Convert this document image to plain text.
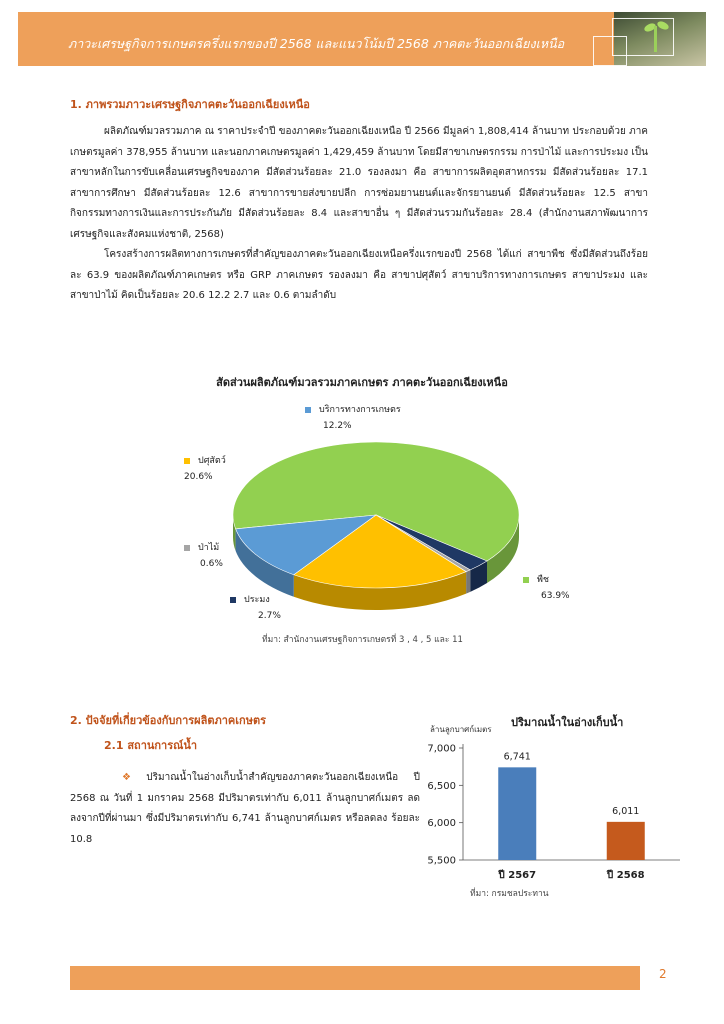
ภาวะเศรษฐกิจการเกษตรครึ่งแรกของปี 2568 และแนวโน้มปี 2568 ภาคตะวันออกเฉียงเหนือ
1. ภาพรวมภาวะเศรษฐกิจภาคตะวันออกเฉียงเหนือ

ผลิตภัณฑ์มวลรวมภาค ณ ราคาประจำปี ของภาคตะวันออกเฉียงเหนือ ปี 2566 มีมูลค่า 1,808,414 ล้านบาท ประกอบด้วย ภาคเกษตรมูลค่า 378,955 ล้านบาท และนอกภาคเกษตรมูลค่า 1,429,459 ล้านบาท โดยมีสาขาเกษตรกรรม การป่าไม้ และการประมง เป็นสาขาหลักในการขับเคลื่อนเศรษฐกิจของภาค มีสัดส่วนร้อยละ 21.0 รองลงมา คือ สาขาการผลิตอุตสาหกรรม มีสัดส่วนร้อยละ 17.1 สาขาการศึกษา มีสัดส่วนร้อยละ 12.6 สาขาการขายส่งขายปลีก การซ่อมยานยนต์และจักรยานยนต์ มีสัดส่วนร้อยละ 12.5 สาขากิจกรรมทางการเงินและการประกันภัย มีสัดส่วนร้อยละ 8.4 และสาขาอื่น ๆ มีสัดส่วนรวมกันร้อยละ 28.4 (สำนักงานสภาพัฒนาการเศรษฐกิจและสังคมแห่งชาติ, 2568)

โครงสร้างการผลิตทางการเกษตรที่สำคัญของภาคตะวันออกเฉียงเหนือครึ่งแรกของปี 2568 ได้แก่ สาขาพืช ซึ่งมีสัดส่วนถึงร้อยละ 63.9 ของผลิตภัณฑ์ภาคเกษตร หรือ GRP ภาคเกษตร รองลงมา คือ สาขาปศุสัตว์ สาขาบริการทางการเกษตร สาขาประมง และสาขาป่าไม้ คิดเป็นร้อยละ 20.6 12.2 2.7 และ 0.6 ตามลำดับ

สัดส่วนผลิตภัณฑ์มวลรวมภาคเกษตร ภาคตะวันออกเฉียงเหนือ
บริการทางการเกษตร
12.2%
ปศุสัตว์
20.6%
ป่าไม้
0.6%
ประมง
2.7%
พืช
63.9%
ที่มา: สำนักงานเศรษฐกิจการเกษตรที่ 3 , 4 , 5 และ 11
2. ปัจจัยที่เกี่ยวข้องกับการผลิตภาคเกษตร
2.1 สถานการณ์น้ำ

❖ ปริมาณน้ำในอ่างเก็บน้ำสำคัญของภาคตะวันออกเฉียงเหนือ ปี 2568 ณ วันที่ 1 มกราคม 2568 มีปริมาตรเท่ากับ 6,011 ล้านลูกบาศก์เมตร ลดลงจากปีที่ผ่านมา ซึ่งมีปริมาตรเท่ากับ 6,741 ล้านลูกบาศก์เมตร หรือลดลง ร้อยละ 10.8

ปริมาณน้ำในอ่างเก็บน้ำ
ล้านลูกบาศก์เมตร
5,500
6,000
6,500
7,000
6,741
ปี 2567
6,011
ปี 2568
ที่มา: กรมชลประทาน
2
